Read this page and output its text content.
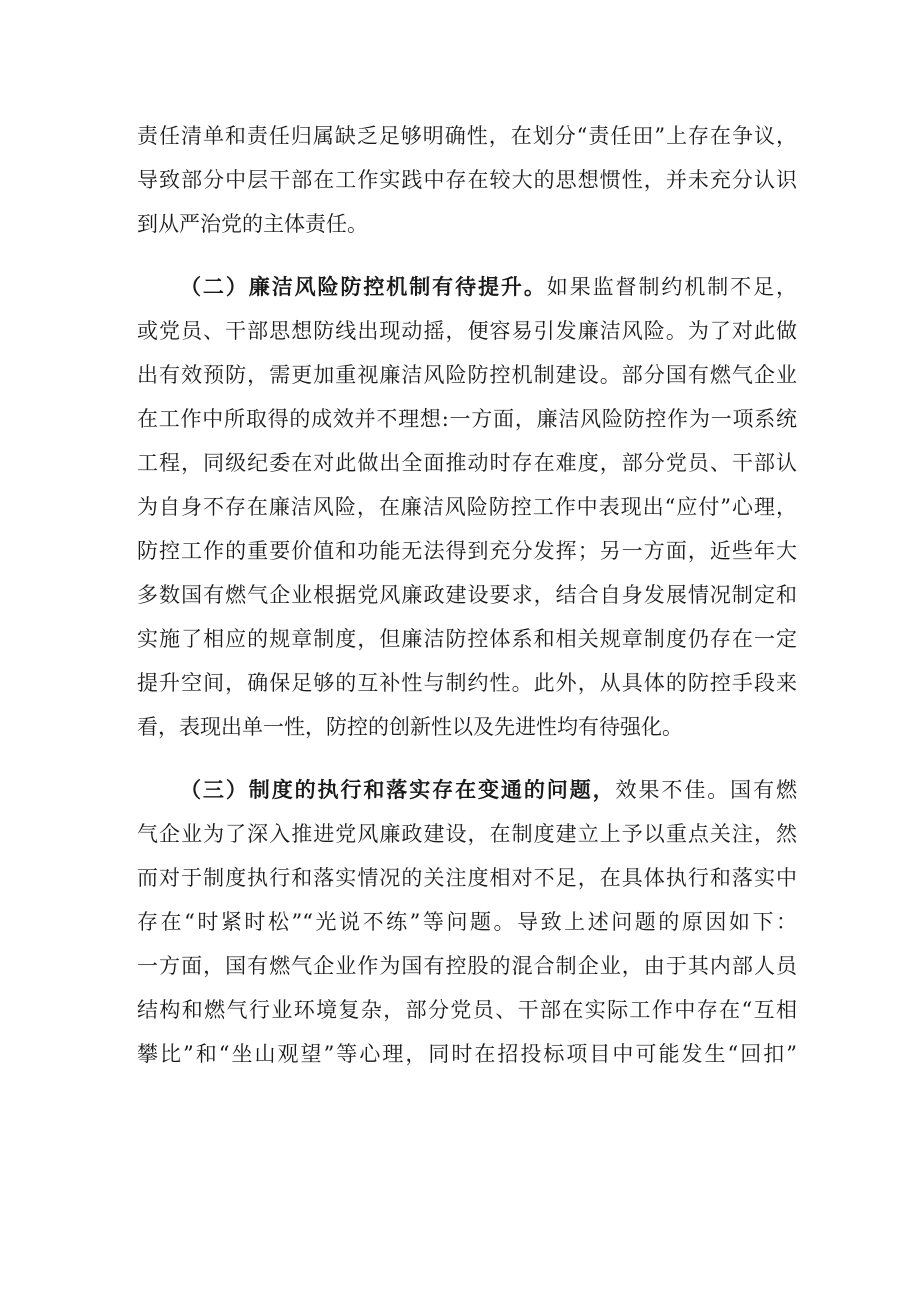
责任清单和责任归属缺乏足够明确性，在划分“责任田”上存在争议，
导致部分中层干部在工作实践中存在较大的思想惯性，并未充分认识
到从严治党的主体责任。
（二）廉洁风险防控机制有待提升。如果监督制约机制不足，
或党员、干部思想防线出现动摇，便容易引发廉洁风险。为了对此做
出有效预防，需更加重视廉洁风险防控机制建设。部分国有燃气企业
在工作中所取得的成效并不理想:一方面，廉洁风险防控作为一项系统
工程，同级纪委在对此做出全面推动时存在难度，部分党员、干部认
为自身不存在廉洁风险，在廉洁风险防控工作中表现出“应付”心理，
防控工作的重要价值和功能无法得到充分发挥；另一方面，近些年大
多数国有燃气企业根据党风廉政建设要求，结合自身发展情况制定和
实施了相应的规章制度，但廉洁防控体系和相关规章制度仍存在一定
提升空间，确保足够的互补性与制约性。此外，从具体的防控手段来
看，表现出单一性，防控的创新性以及先进性均有待强化。
（三）制度的执行和落实存在变通的问题，效果不佳。国有燃
气企业为了深入推进党风廉政建设，在制度建立上予以重点关注，然
而对于制度执行和落实情况的关注度相对不足，在具体执行和落实中
存在“时紧时松”“光说不练”等问题。导致上述问题的原因如下：
一方面，国有燃气企业作为国有控股的混合制企业，由于其内部人员
结构和燃气行业环境复杂，部分党员、干部在实际工作中存在“互相
攀比”和“坐山观望”等心理，同时在招投标项目中可能发生“回扣”
